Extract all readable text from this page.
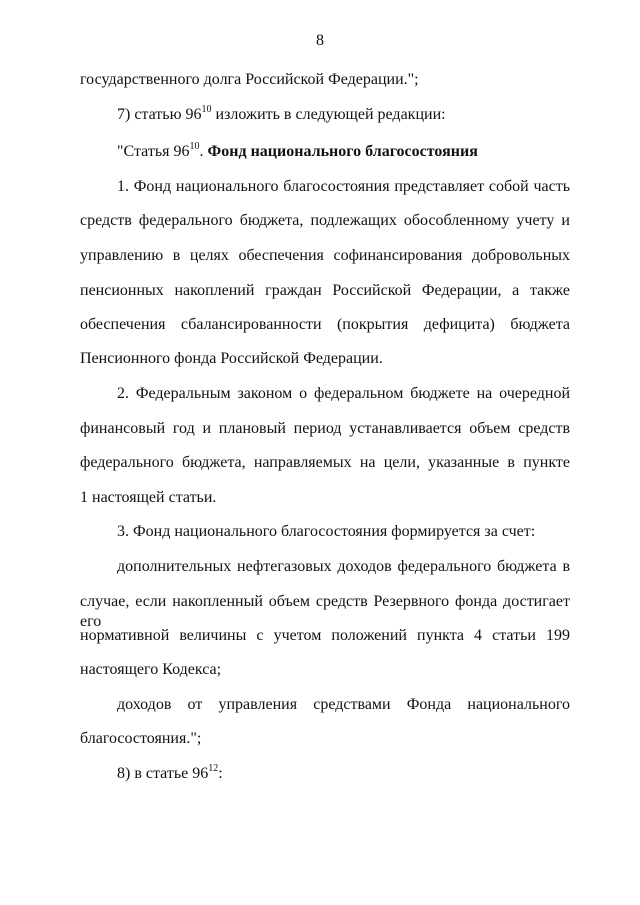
8
государственного долга Российской Федерации.";
7) статью $96^{10}$ изложить в следующей редакции:
"Статья $96^{10}$. Фонд национального благосостояния
1. Фонд национального благосостояния представляет собой часть
средств федерального бюджета, подлежащих обособленному учету и
управлению в целях обеспечения софинансирования добровольных
пенсионных накоплений граждан Российской Федерации, а также
обеспечения сбалансированности (покрытия дефицита) бюджета
Пенсионного фонда Российской Федерации.
2. Федеральным законом о федеральном бюджете на очередной
финансовый год и плановый период устанавливается объем средств
федерального бюджета, направляемых на цели, указанные в пункте
1 настоящей статьи.
3. Фонд национального благосостояния формируется за счет:
дополнительных нефтегазовых доходов федерального бюджета в
случае, если накопленный объем средств Резервного фонда достигает его
нормативной величины с учетом положений пункта 4 статьи 199
настоящего Кодекса;
доходов от управления средствами Фонда национального
благосостояния.";
8) в статье $96^{12}$:
